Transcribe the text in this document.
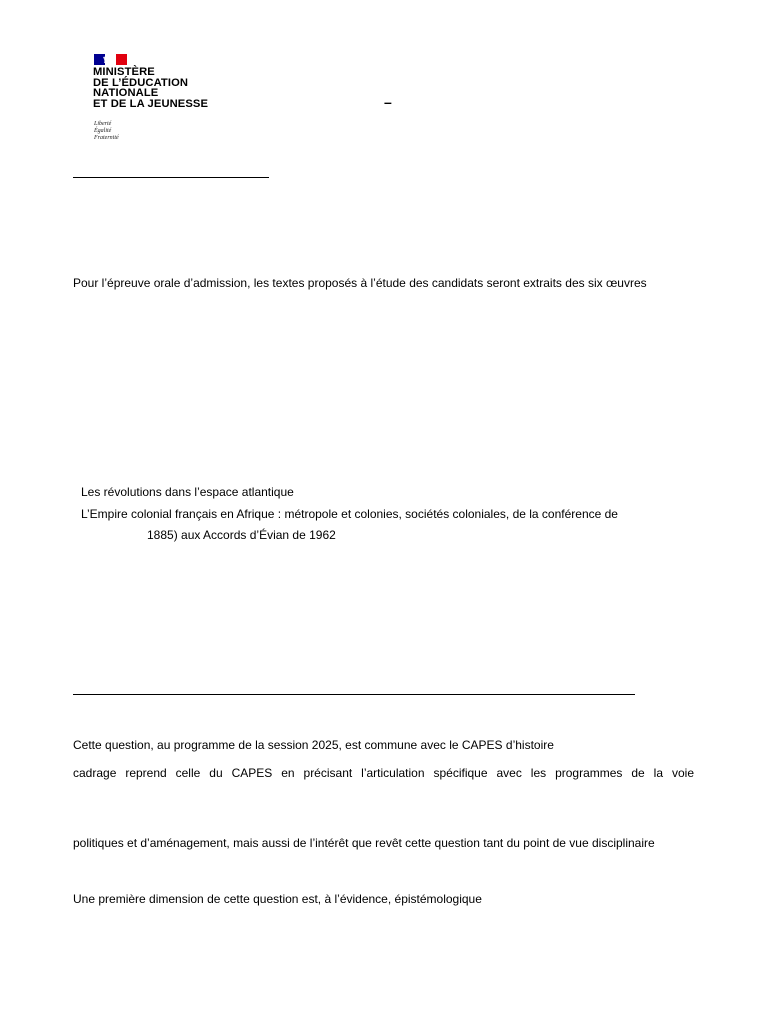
MINISTÈRE
DE L’ÉDUCATION
NATIONALE
ET DE LA JEUNESSE
Liberté
Égalité
Fraternité
–
Pour l’épreuve orale d’admission, les textes proposés à l’étude des candidats seront extraits des six œuvres
Les révolutions dans l’espace atlantique
L’Empire colonial français en Afrique : métropole et colonies, sociétés coloniales, de la conférence de
1885) aux Accords d’Évian de 1962
Cette question, au programme de la session 2025, est commune avec le CAPES d’histoire
cadrage reprend celle du CAPES en précisant l’articulation spécifique avec les programmes de la voie
politiques et d’aménagement, mais aussi de l’intérêt que revêt cette question tant du point de vue disciplinaire
Une première dimension de cette question est, à l’évidence, épistémologique
